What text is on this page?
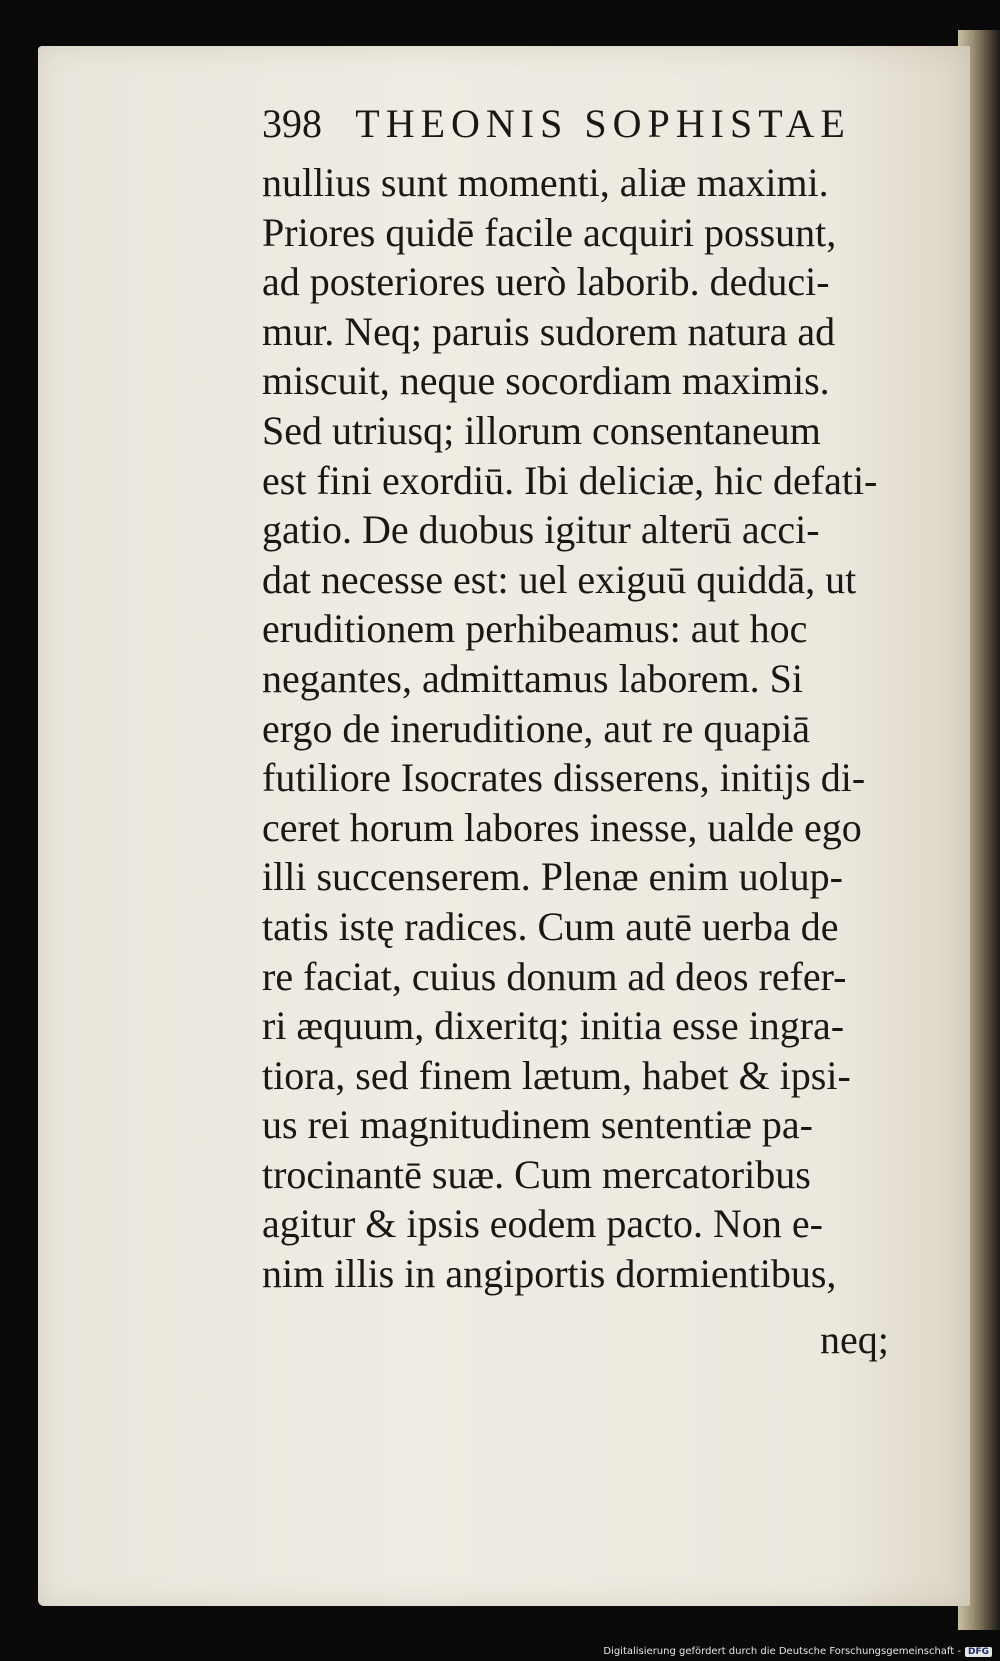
398 THEONIS SOPHISTAE
nullius sunt momenti, aliæ maximi.
Priores quidē facile acquiri possunt,
ad posteriores uerò laborib. deduci-
mur. Neq; paruis sudorem natura ad
miscuit, neque socordiam maximis.
Sed utriusq; illorum consentaneum
est fini exordiū. Ibi deliciæ, hic defati-
gatio. De duobus igitur alterū acci-
dat necesse est: uel exiguū quiddā, ut
eruditionem perhibeamus: aut hoc
negantes, admittamus laborem. Si
ergo de ineruditione, aut re quapiā
futiliore Isocrates disserens, initijs di-
ceret horum labores inesse, ualde ego
illi succenserem. Plenæ enim uolup-
tatis istę radices. Cum autē uerba de
re faciat, cuius donum ad deos refer-
ri æquum, dixeritq; initia esse ingra-
tiora, sed finem lætum, habet & ipsi-
us rei magnitudinem sententiæ pa-
trocinantē suæ. Cum mercatoribus
agitur & ipsis eodem pacto. Non e-
nim illis in angiportis dormientibus,
neq;
Digitalisierung gefördert durch die Deutsche Forschungsgemeinschaft - DFG
